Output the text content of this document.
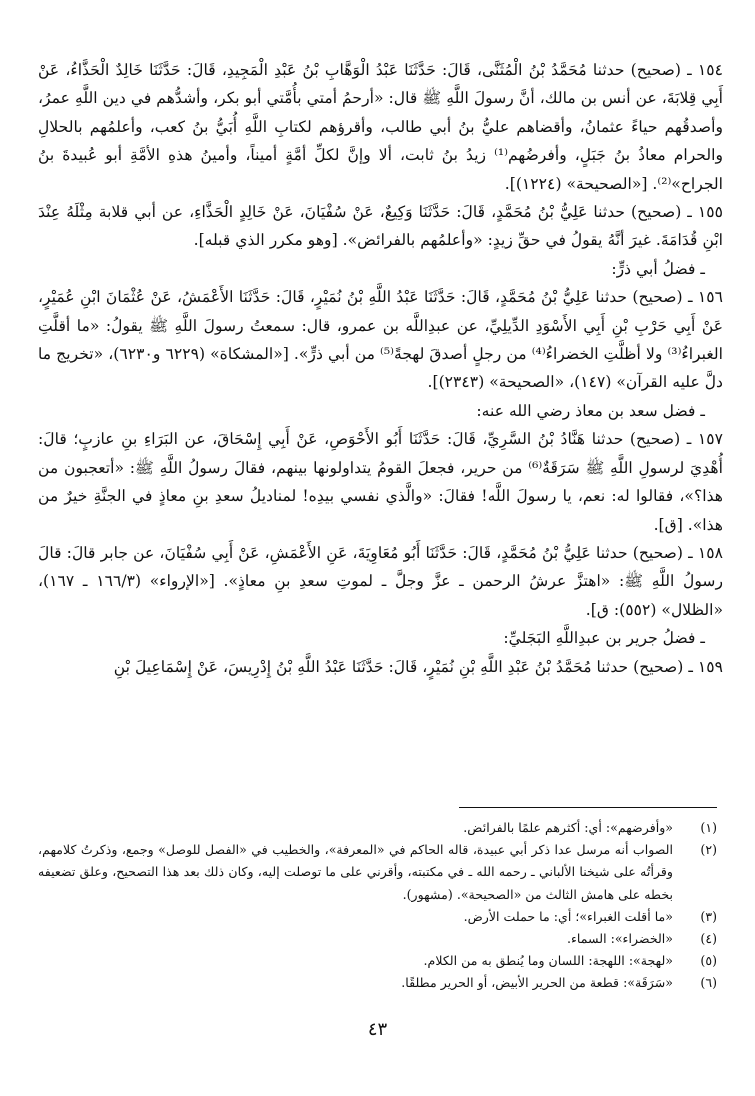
١٥٤ ـ (صحيح) حدثنا مُحَمَّدُ بْنُ الْمُثَنَّى، قَالَ: حَدَّثَنَا عَبْدُ الْوَهَّابِ بْنُ عَبْدِ الْمَجِيدِ، قَالَ: حَدَّثَنَا خَالِدٌ الْحَذَّاءُ، عَنْ أَبِي قِلابَةَ، عن أنس بن مالك، أنَّ رسولَ اللَّهِ ﷺ قال: «أرحمُ أمتي بأُمَّتي أبو بكر، وأشدُّهم في دين اللَّهِ عمرُ، وأصدقُهم حياءً عثمانُ، وأقضاهم عليُّ بنُ أبي طالب، وأقرؤهم لكتابِ اللَّهِ أُبَيُّ بنُ كعب، وأعلمُهم بالحلالِ والحرام معاذُ بنُ جَبَلٍ، وأفرضُهم⁽¹⁾ زيدُ بنُ ثابت، ألا وإنَّ لكلِّ أمَّةٍ أميناً، وأمينُ هذهِ الأمَّةِ أبو عُبيدةَ بنُ الجراح»⁽²⁾. [«الصحيحة» (١٢٢٤)].

١٥٥ ـ (صحيح) حدثنا عَلِيُّ بْنُ مُحَمَّدٍ، قَالَ: حَدَّثَنَا وَكِيعٌ، عَنْ سُفْيَانَ، عَنْ خَالِدٍ الْحَذَّاءِ، عن أبي قلابة مِثْلَهُ عِنْدَ ابْنِ قُدَامَةَ. غيرَ أنَّهُ يقولُ في حقِّ زيدٍ: «وأعلمُهم بالفرائض». [وهو مكرر الذي قبله].

ـ فضلُ أبي ذرٍّ:

١٥٦ ـ (صحيح) حدثنا عَلِيُّ بْنُ مُحَمَّدٍ، قَالَ: حَدَّثَنَا عَبْدُ اللَّهِ بْنُ نُمَيْرٍ، قَالَ: حَدَّثَنَا الأَعْمَشُ، عَنْ عُثْمَانَ ابْنِ عُمَيْرٍ، عَنْ أَبِي حَرْبِ بْنِ أَبِي الأَسْوَدِ الدِّيلِيِّ، عن عبدِاللَّه بن عمرو، قال: سمعتُ رسولَ اللَّهِ ﷺ يقولُ: «ما أقلَّتِ الغبراءُ⁽³⁾ ولا أظلَّتِ الخضراءُ⁽⁴⁾ من رجلٍ أصدقَ لهجةً⁽⁵⁾ من أبي ذرٍّ». [«المشكاة» (٦٢٢٩ و٦٢٣٠)، «تخريج ما دلَّ عليه القرآن» (١٤٧)، «الصحيحة» (٢٣٤٣)].

ـ فضل سعد بن معاذ رضي الله عنه:

١٥٧ ـ (صحيح) حدثنا هَنَّادُ بْنُ السَّرِيِّ، قَالَ: حَدَّثَنَا أَبُو الأَحْوَصِ، عَنْ أَبِي إِسْحَاقَ، عن البَرَاءِ بنِ عازبٍ؛ قالَ: أُهْدِيَ لرسولِ اللَّهِ ﷺ سَرَقَةٌ⁽⁶⁾ من حرير، فجعلَ القومُ يتداولونها بينهم، فقالَ رسولُ اللَّهِ ﷺ: «أتعجبون من هذا؟»، فقالوا له: نعم، يا رسولَ اللَّه! فقالَ: «والَّذي نفسي بيدِه! لمناديلُ سعدِ بنِ معاذٍ في الجنَّةِ خيرٌ من هذا». [ق].

١٥٨ ـ (صحيح) حدثنا عَلِيُّ بْنُ مُحَمَّدٍ، قَالَ: حَدَّثَنَا أَبُو مُعَاوِيَةَ، عَنِ الأَعْمَشِ، عَنْ أَبِي سُفْيَانَ، عن جابر قالَ: قالَ رسولُ اللَّهِ ﷺ: «اهتزَّ عرشُ الرحمن ـ عزَّ وجلَّ ـ لموتِ سعدِ بنِ معاذٍ». [«الإرواء» (١٦٦/٣ ـ ١٦٧)، «الظلال» (٥٥٢): ق].

ـ فضلُ جرير بن عبدِاللَّهِ البَجَليِّ:

١٥٩ ـ (صحيح) حدثنا مُحَمَّدُ بْنُ عَبْدِ اللَّهِ بْنِ نُمَيْرٍ، قَالَ: حَدَّثَنَا عَبْدُ اللَّهِ بْنُ إِدْرِيسَ، عَنْ إِسْمَاعِيلَ بْنِ

(١)
«وأفرضهم»: أي: أكثرهم علمًا بالفرائض.
(٢)
الصواب أنه مرسل عدا ذكر أبي عبيدة، قاله الحاكم في «المعرفة»، والخطيب في «الفصل للوصل» وجمع، وذكرتُ كلامهم، وقرأتُه على شيخنا الألباني ـ رحمه الله ـ في مكتبته، وأقرني على ما توصلت إليه، وكان ذلك بعد هذا التصحيح، وعلق تضعيفه بخطه على هامش الثالث من «الصحيحة». (مشهور).
(٣)
«ما أقلت الغبراء»؛ أي: ما حملت الأرض.
(٤)
«الخضراء»: السماء.
(٥)
«لهجة»: اللهجة: اللسان وما يُنطق به من الكلام.
(٦)
«سَرَقَة»: قطعة من الحرير الأبيض، أو الحرير مطلقًا.
٤٣
